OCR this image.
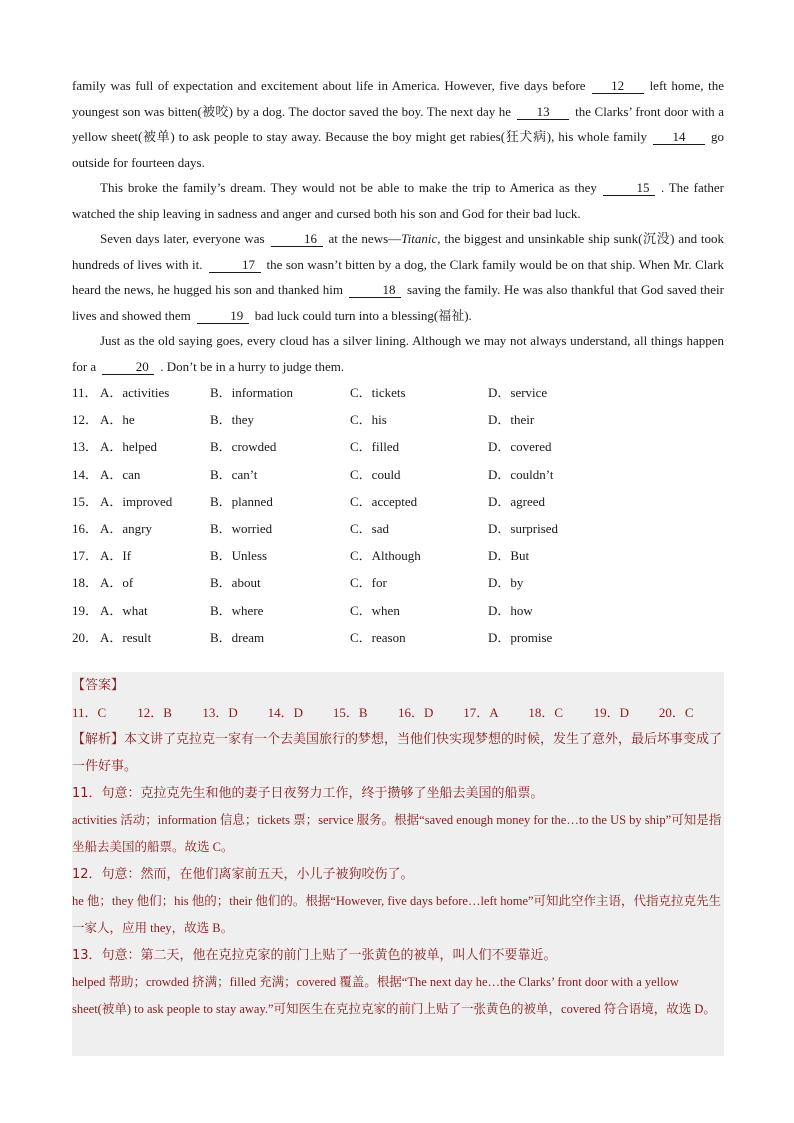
family was full of expectation and excitement about life in America. However, five days before 12 left home, the youngest son was bitten(被咬) by a dog. The doctor saved the boy. The next day he 13 the Clarks’ front door with a yellow sheet(被单) to ask people to stay away. Because the boy might get rabies(狂犬病), his whole family 14 go outside for fourteen days.

This broke the family’s dream. They would not be able to make the trip to America as they	15 . The father watched the ship leaving in sadness and anger and cursed both his son and God for their bad luck.

Seven days later, everyone was	16 at the news—Titanic, the biggest and unsinkable ship sunk(沉没) and took hundreds of lives with it.	17 the son wasn’t bitten by a dog, the Clark family would be on that ship. When Mr. Clark heard the news, he hugged his son and thanked him	18 saving the family. He was also thankful that God saved their lives and showed them	19 bad luck could turn into a blessing(福祉).

Just as the old saying goes, every cloud has a silver lining. Although we may not always understand, all things happen for a	20 . Don’t be in a hurry to judge them.

11． A．activities	B．information	C．tickets	D．service
12． A．he	B．they	C．his	D．their
13． A．helped	B．crowded	C．filled	D．covered
14． A．can	B．can’t	C．could	D．couldn’t
15． A．improved	B．planned	C．accepted	D．agreed
16． A．angry	B．worried	C．sad	D．surprised
17． A．If	B．Unless	C．Although	D．But
18． A．of	B．about	C．for	D．by
19． A．what	B．where	C．when	D．how
20． A．result	B．dream	C．reason	D．promise
【答案】
11．C	12．B	13．D	14．D	15．B	16．D	17．A	18．C	19．D	20．C
【解析】本文讲了克拉克一家有一个去美国旅行的梦想，当他们快实现梦想的时候，发生了意外，最后坏事变成了一件好事。
11．句意：克拉克先生和他的妻子日夜努力工作，终于攒够了坐船去美国的船票。
activities 活动；information 信息；tickets 票；service 服务。根据“saved enough money for the…to the US by ship”可知是指坐船去美国的船票。故选 C。
12．句意：然而，在他们离家前五天，小儿子被狗咬伤了。
he 他；they 他们；his 他的；their 他们的。根据“However, five days before…left home”可知此空作主语，代指克拉克先生一家人，应用 they，故选 B。
13．句意：第二天，他在克拉克家的前门上贴了一张黄色的被单，叫人们不要靠近。
helped 帮助；crowded 挤满；filled 充满；covered 覆盖。根据“The next day he…the Clarks’ front door with a yellow sheet(被单) to ask people to stay away.”可知医生在克拉克家的前门上贴了一张黄色的被单，covered 符合语境，故选 D。
